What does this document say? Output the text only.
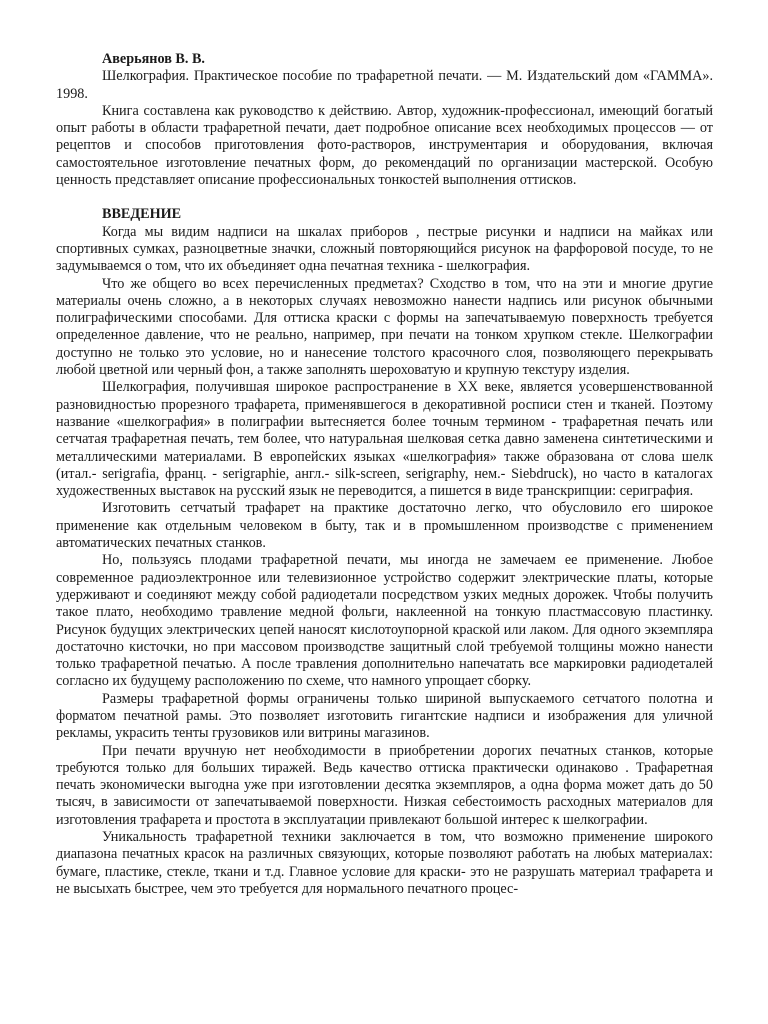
Аверьянов В. В.

Шелкография. Практическое пособие по трафаретной печати. — М. Издательский дом «ГАММА». 1998.

Книга составлена как руководство к действию. Автор, художник-профессионал, имеющий богатый опыт работы в области трафаретной печати, дает подробное описание всех необходимых процессов — от рецептов и способов приготовления фото-растворов, инструментария и оборудования, включая самостоятельное изготовление печатных форм, до рекомендаций по организации мастерской. Особую ценность представляет описание профессиональных тонкостей выполнения оттисков.

ВВЕДЕНИЕ

Когда мы видим надписи на шкалах приборов , пестрые рисунки и надписи на майках или спортивных сумках, разноцветные значки, сложный повторяющийся рисунок на фарфоровой посуде, то не задумываемся о том, что их объединяет одна печатная техника - шелкография.

Что же общего во всех перечисленных предметах? Сходство в том, что на эти и многие другие материалы очень сложно, а в некоторых случаях невозможно нанести надпись или рисунок обычными полиграфическими способами. Для оттиска краски с формы на запечатываемую поверхность требуется определенное давление, что не реально, например, при печати на тонком хрупком стекле. Шелкографии доступно не только это условие, но и нанесение толстого красочного слоя, позволяющего перекрывать любой цветной или черный фон, а также заполнять шероховатую и крупную текстуру изделия.

Шелкография, получившая широкое распространение в XX веке, является усовершенствованной разновидностью прорезного трафарета, применявшегося в декоративной росписи стен и тканей. Поэтому название «шелкография» в полиграфии вытесняется более точным термином - трафаретная печать или сетчатая трафаретная печать, тем более, что натуральная шелковая сетка давно заменена синтетическими и металлическими материалами. В европейских языках «шелкография» также образована от слова шелк (итал.- serigrafia, франц. - serigraphie, англ.- silk-screen, serigraphy, нем.- Siebdruck), но часто в каталогах художественных выставок на русский язык не переводится, а пишется в виде транскрипции: сериграфия.

Изготовить сетчатый трафарет на практике достаточно легко, что обусловило его широкое применение как отдельным человеком в быту, так и в промышленном производстве с применением автоматических печатных станков.

Но, пользуясь плодами трафаретной печати, мы иногда не замечаем ее применение. Любое современное радиоэлектронное или телевизионное устройство содержит электрические платы, которые удерживают и соединяют между собой радиодетали посредством узких медных дорожек. Чтобы получить такое плато, необходимо травление медной фольги, наклеенной на тонкую пластмассовую пластинку. Рисунок будущих электрических цепей наносят кислотоупорной краской или лаком. Для одного экземпляра достаточно кисточки, но при массовом производстве защитный слой требуемой толщины можно нанести только трафаретной печатью. А после травления дополнительно напечатать все маркировки радиодеталей согласно их будущему расположению по схеме, что намного упрощает сборку.

Размеры трафаретной формы ограничены только шириной выпускаемого сетчатого полотна и форматом печатной рамы. Это позволяет изготовить гигантские надписи и изображения для уличной рекламы, украсить тенты грузовиков или витрины магазинов.

При печати вручную нет необходимости в приобретении дорогих печатных станков, которые требуются только для больших тиражей. Ведь качество оттиска практически одинаково . Трафаретная печать экономически выгодна уже при изготовлении десятка экземпляров, а одна форма может дать до 50 тысяч, в зависимости от запечатываемой поверхности. Низкая себестоимость расходных материалов для изготовления трафарета и простота в эксплуатации привлекают большой интерес к шелкографии.

Уникальность трафаретной техники заключается в том, что возможно применение широкого диапазона печатных красок на различных связующих, которые позволяют работать на любых материалах: бумаге, пластике, стекле, ткани и т.д. Главное условие для краски- это не разрушать материал трафарета и не высыхать быстрее, чем это требуется для нормального печатного процес-
